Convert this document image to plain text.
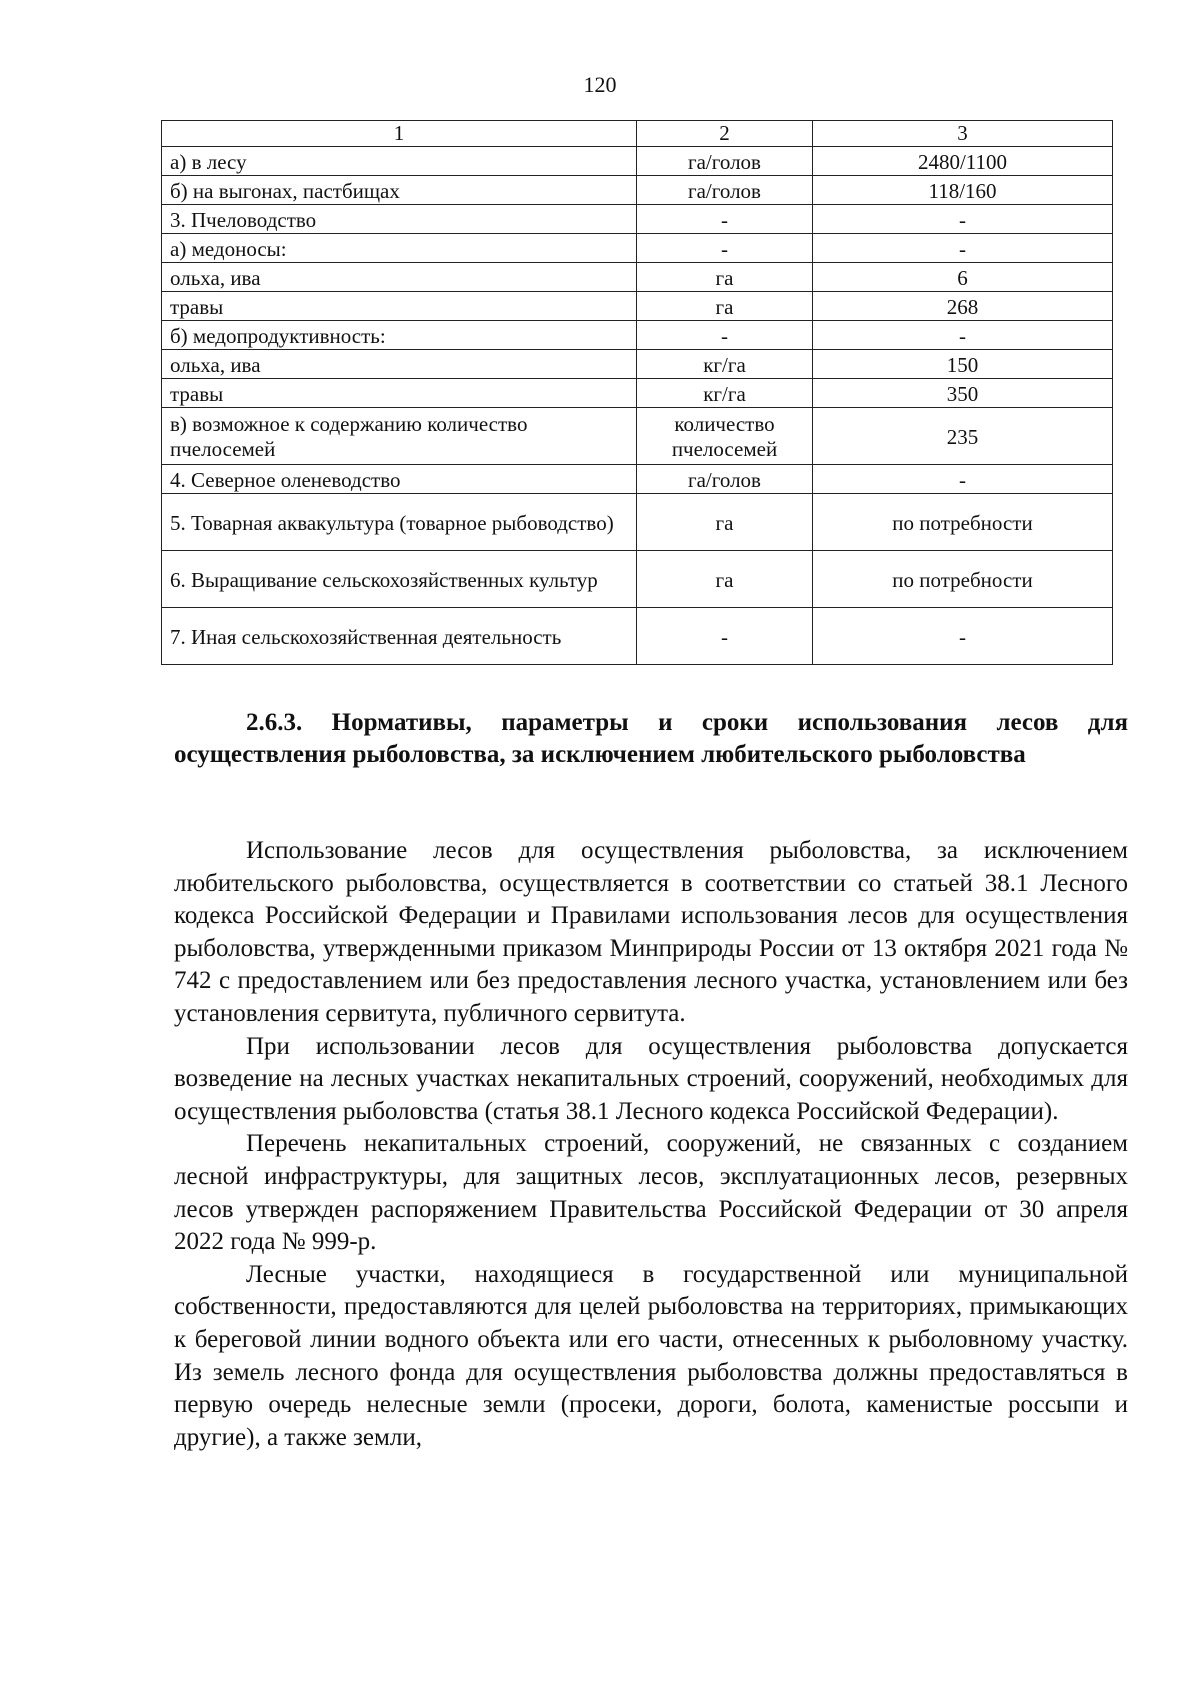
120
1	2	3
а) в лесу	га/голов	2480/1100
б) на выгонах, пастбищах	га/голов	118/160
3. Пчеловодство	-	-
а) медоносы:	-	-
ольха, ива	га	6
травы	га	268
б) медопродуктивность:	-	-
ольха, ива	кг/га	150
травы	кг/га	350
в) возможное к содержанию количество пчелосемей	количество пчелосемей	235
4. Северное оленеводство	га/голов	-
5. Товарная аквакультура (товарное рыбоводство)	га	по потребности
6. Выращивание сельскохозяйственных культур	га	по потребности
7. Иная сельскохозяйственная деятельность	-	-
2.6.3. Нормативы, параметры и сроки использования лесов для осуществления рыболовства, за исключением любительского рыболовства

Использование лесов для осуществления рыболовства, за исключением любительского рыболовства, осуществляется в соответствии со статьей 38.1 Лесного кодекса Российской Федерации и Правилами использования лесов для осуществления рыболовства, утвержденными приказом Минприроды России от 13 октября 2021 года № 742 с предоставлением или без предоставления лесного участка, установлением или без установления сервитута, публичного сервитута.

При использовании лесов для осуществления рыболовства допускается возведение на лесных участках некапитальных строений, сооружений, необходимых для осуществления рыболовства (статья 38.1 Лесного кодекса Российской Федерации).

Перечень некапитальных строений, сооружений, не связанных с созданием лесной инфраструктуры, для защитных лесов, эксплуатационных лесов, резервных лесов утвержден распоряжением Правительства Российской Федерации от 30 апреля 2022 года № 999-р.

Лесные участки, находящиеся в государственной или муниципальной собственности, предоставляются для целей рыболовства на территориях, примыкающих к береговой линии водного объекта или его части, отнесенных к рыболовному участку. Из земель лесного фонда для осуществления рыболовства должны предоставляться в первую очередь нелесные земли (просеки, дороги, болота, каменистые россыпи и другие), а также земли,
